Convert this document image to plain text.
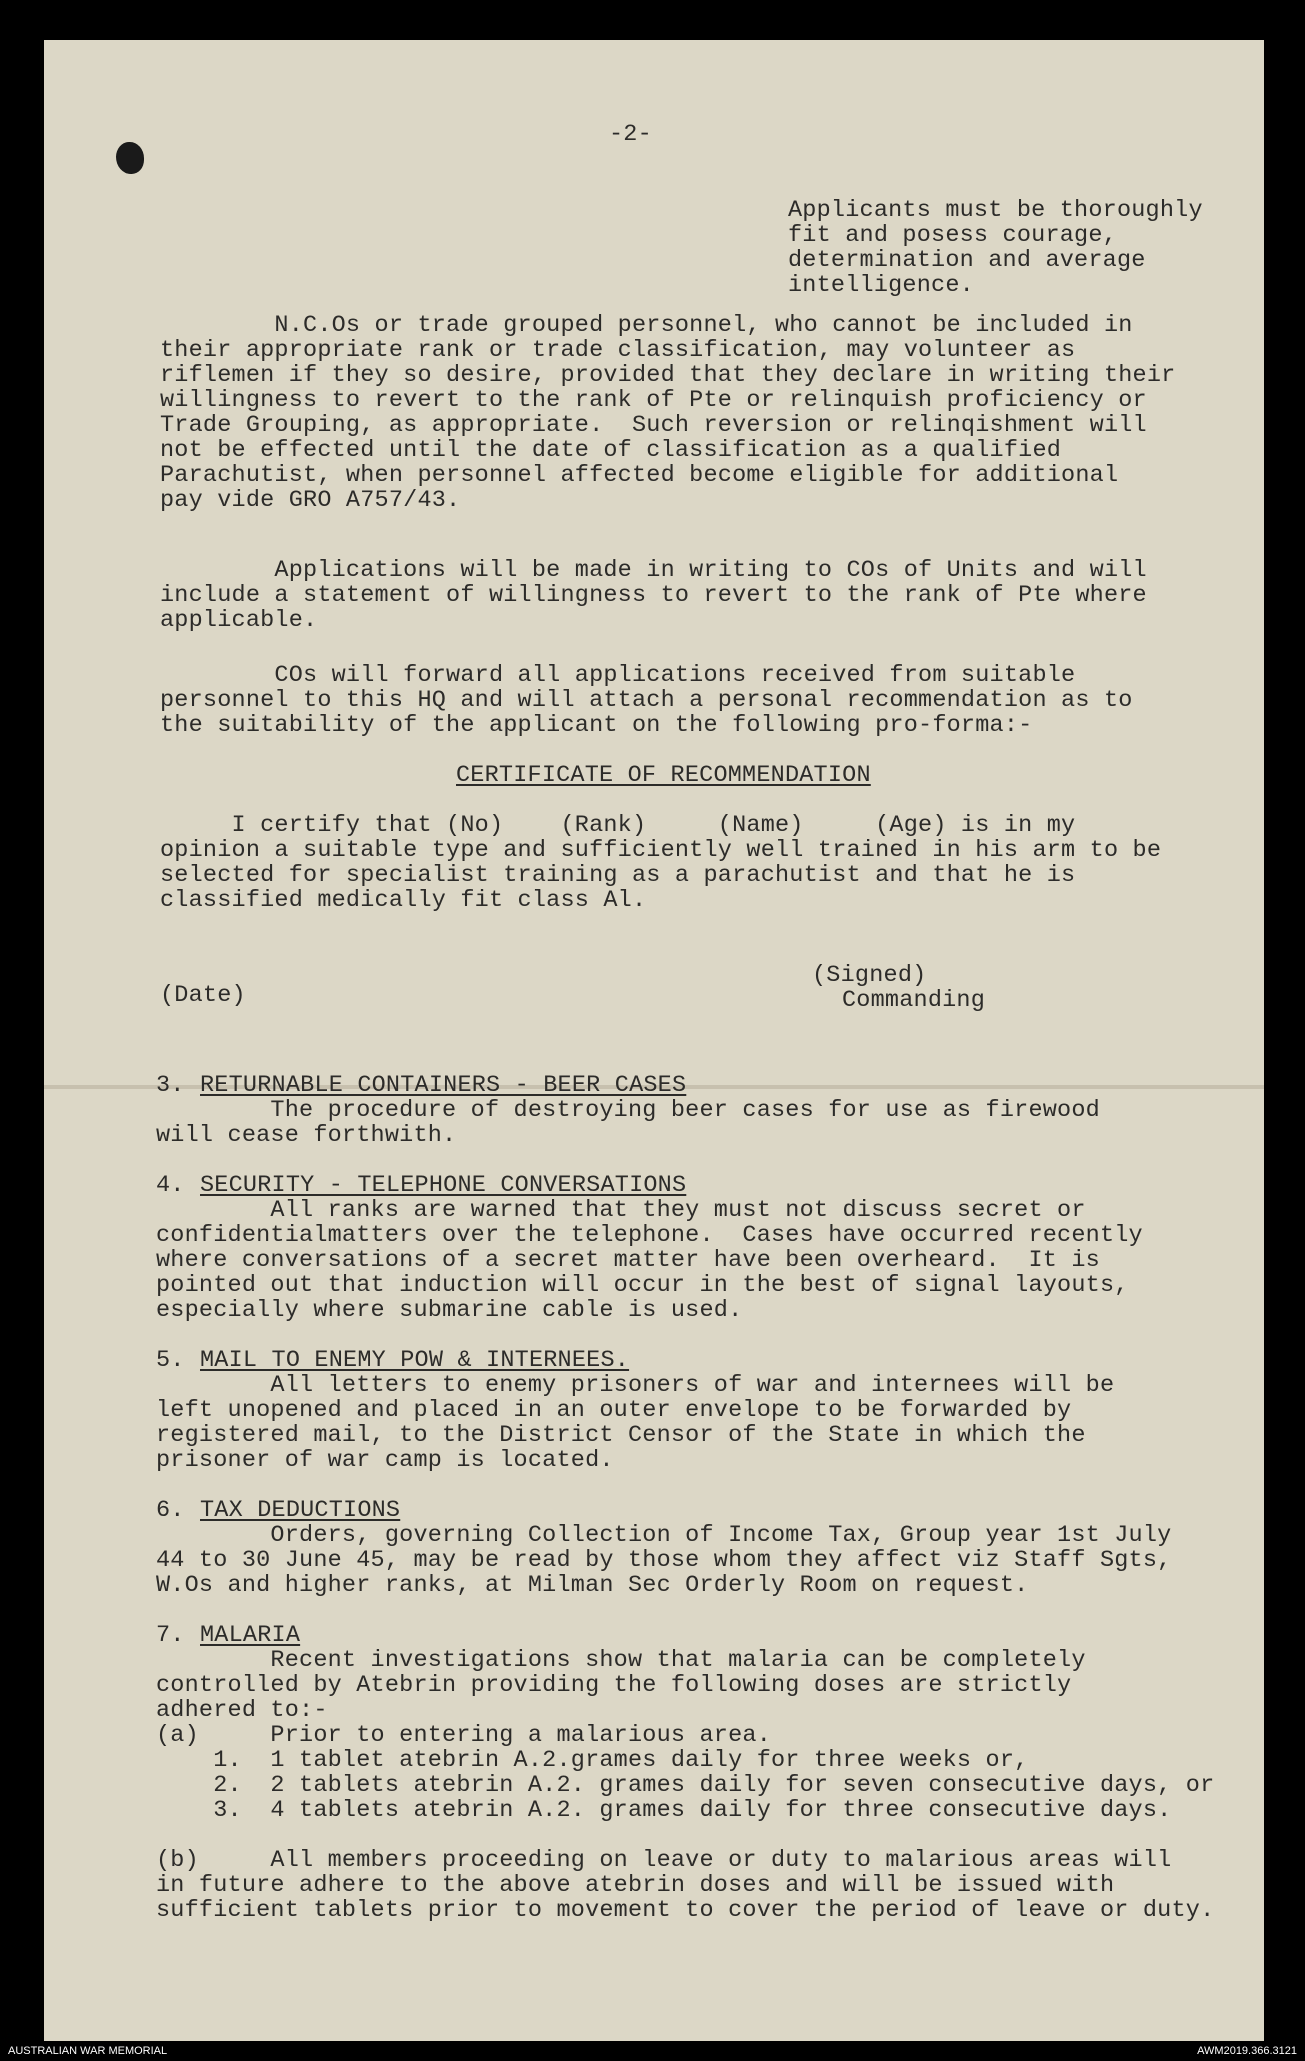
-2-
Applicants must be thoroughly
fit and posess courage,
determination and average
intelligence.
N.C.Os or trade grouped personnel, who cannot be included in
their appropriate rank or trade classification, may volunteer as
riflemen if they so desire, provided that they declare in writing their
willingness to revert to the rank of Pte or relinquish proficiency or
Trade Grouping, as appropriate.  Such reversion or relinqishment will
not be effected until the date of classification as a qualified
Parachutist, when personnel affected become eligible for additional
pay vide GRO A757/43.
Applications will be made in writing to COs of Units and will
include a statement of willingness to revert to the rank of Pte where
applicable.
COs will forward all applications received from suitable
personnel to this HQ and will attach a personal recommendation as to
the suitability of the applicant on the following pro-forma:-
CERTIFICATE OF RECOMMENDATION
I certify that (No)    (Rank)     (Name)     (Age) is in my
opinion a suitable type and sufficiently well trained in his arm to be
selected for specialist training as a parachutist and that he is
classified medically fit class Al.
(Signed)
(Date)	Commanding
3. RETURNABLE CONTAINERS - BEER CASES
The procedure of destroying beer cases for use as firewood
will cease forthwith.
4. SECURITY - TELEPHONE CONVERSATIONS
All ranks are warned that they must not discuss secret or
confidentialmatters over the telephone.  Cases have occurred recently
where conversations of a secret matter have been overheard.  It is
pointed out that induction will occur in the best of signal layouts,
especially where submarine cable is used.
5. MAIL TO ENEMY POW & INTERNEES.
All letters to enemy prisoners of war and internees will be
left unopened and placed in an outer envelope to be forwarded by
registered mail, to the District Censor of the State in which the
prisoner of war camp is located.
6. TAX DEDUCTIONS
Orders, governing Collection of Income Tax, Group year 1st July
44 to 30 June 45, may be read by those whom they affect viz Staff Sgts,
W.Os and higher ranks, at Milman Sec Orderly Room on request.
7. MALARIA
Recent investigations show that malaria can be completely
controlled by Atebrin providing the following doses are strictly
adhered to:-
(a)     Prior to entering a malarious area.
1.  1 tablet atebrin A.2.grames daily for three weeks or,
2.  2 tablets atebrin A.2. grames daily for seven consecutive days, or
3.  4 tablets atebrin A.2. grames daily for three consecutive days.
(b)     All members proceeding on leave or duty to malarious areas will
in future adhere to the above atebrin doses and will be issued with
sufficient tablets prior to movement to cover the period of leave or duty.
AUSTRALIAN WAR MEMORIAL	AWM2019.366.3121
